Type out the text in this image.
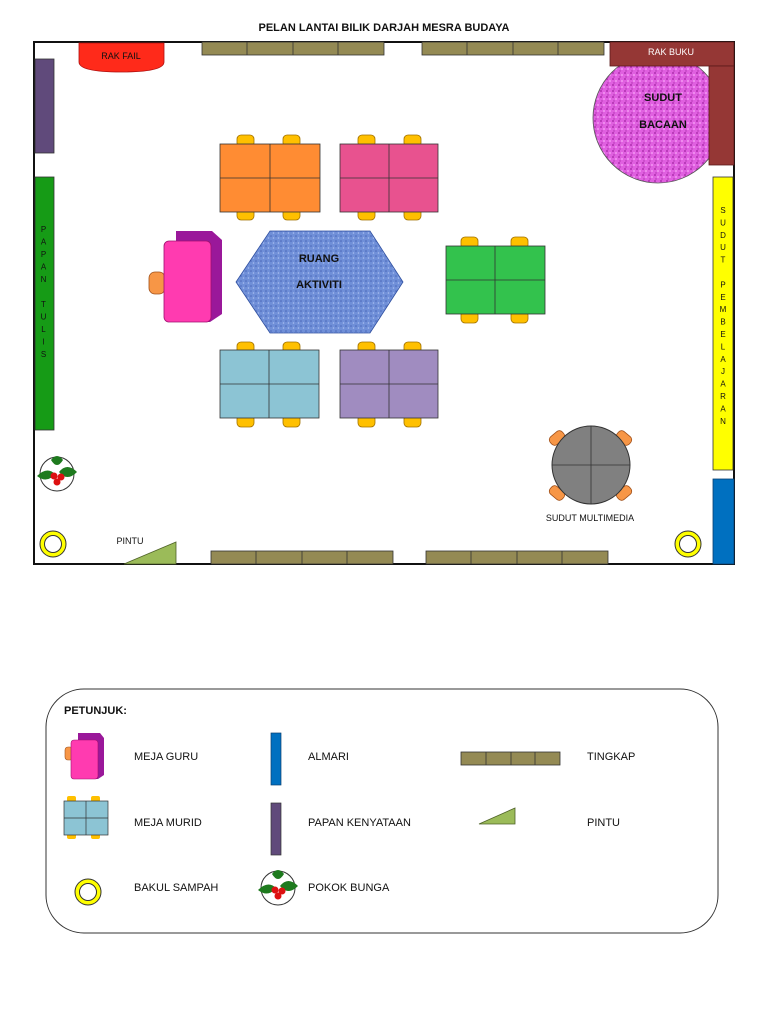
PELAN LANTAI BILIK DARJAH MESRA BUDAYA
RAK FAIL	RAK BUKU
SUDUT
BACAAN
P A P A N T U L I S
S U D U T P E M B E L A J A R A N
PINTU
RUANG
AKTIVITI
SUDUT MULTIMEDIA
PETUNJUK:
MEJA GURU
MEJA MURID
BAKUL SAMPAH
ALMARI
PAPAN KENYATAAN
POKOK BUNGA
TINGKAP
PINTU
